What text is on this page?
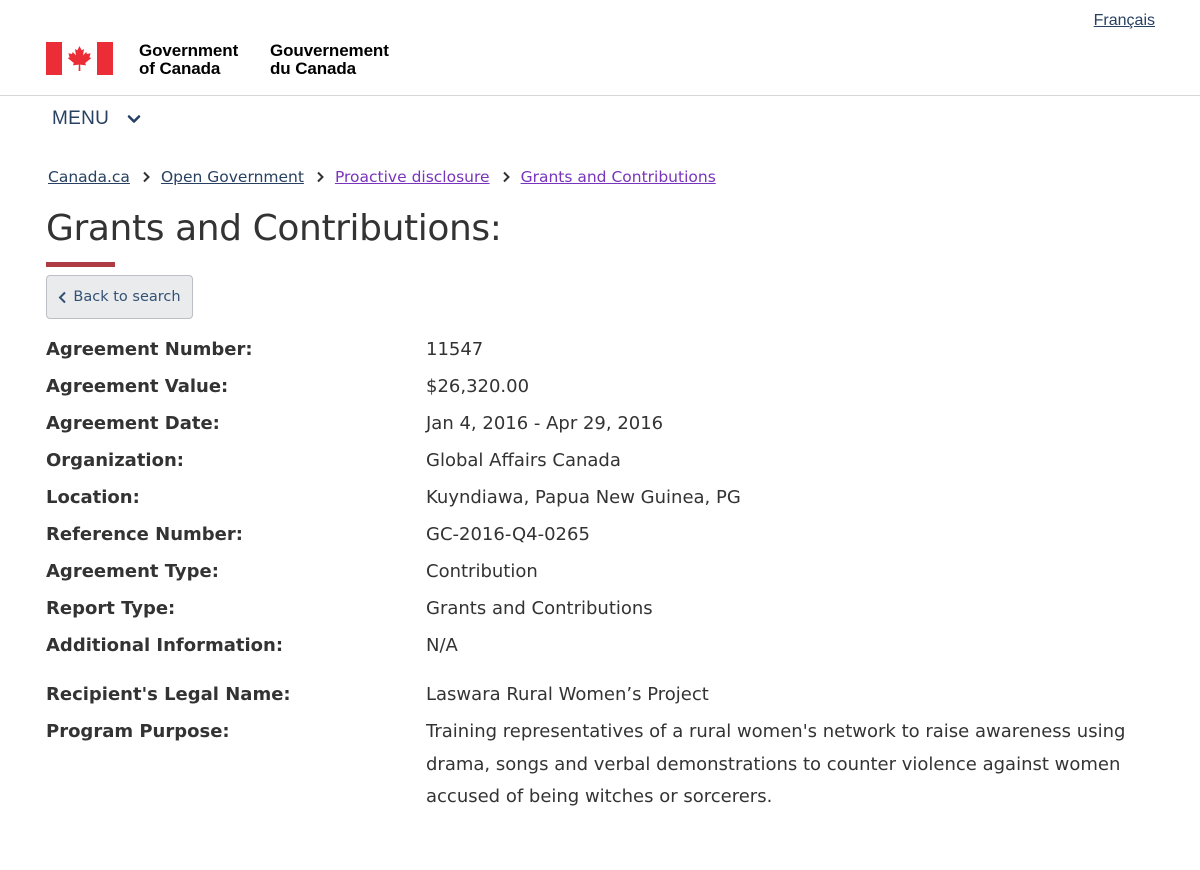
Français
Government
of Canada
Gouvernement
du Canada
MENU
Canada.ca Open Government Proactive disclosure Grants and Contributions
Grants and Contributions:
Back to search
Agreement Number:	11547
Agreement Value:	$26,320.00
Agreement Date:	Jan 4, 2016 - Apr 29, 2016
Organization:	Global Affairs Canada
Location:	Kuyndiawa, Papua New Guinea, PG
Reference Number:	GC-2016-Q4-0265
Agreement Type:	Contribution
Report Type:	Grants and Contributions
Additional Information:	N/A
Recipient's Legal Name:	Laswara Rural Women’s Project
Program Purpose:	Training representatives of a rural women's network to raise awareness using drama, songs and verbal demonstrations to counter violence against women accused of being witches or sorcerers.
